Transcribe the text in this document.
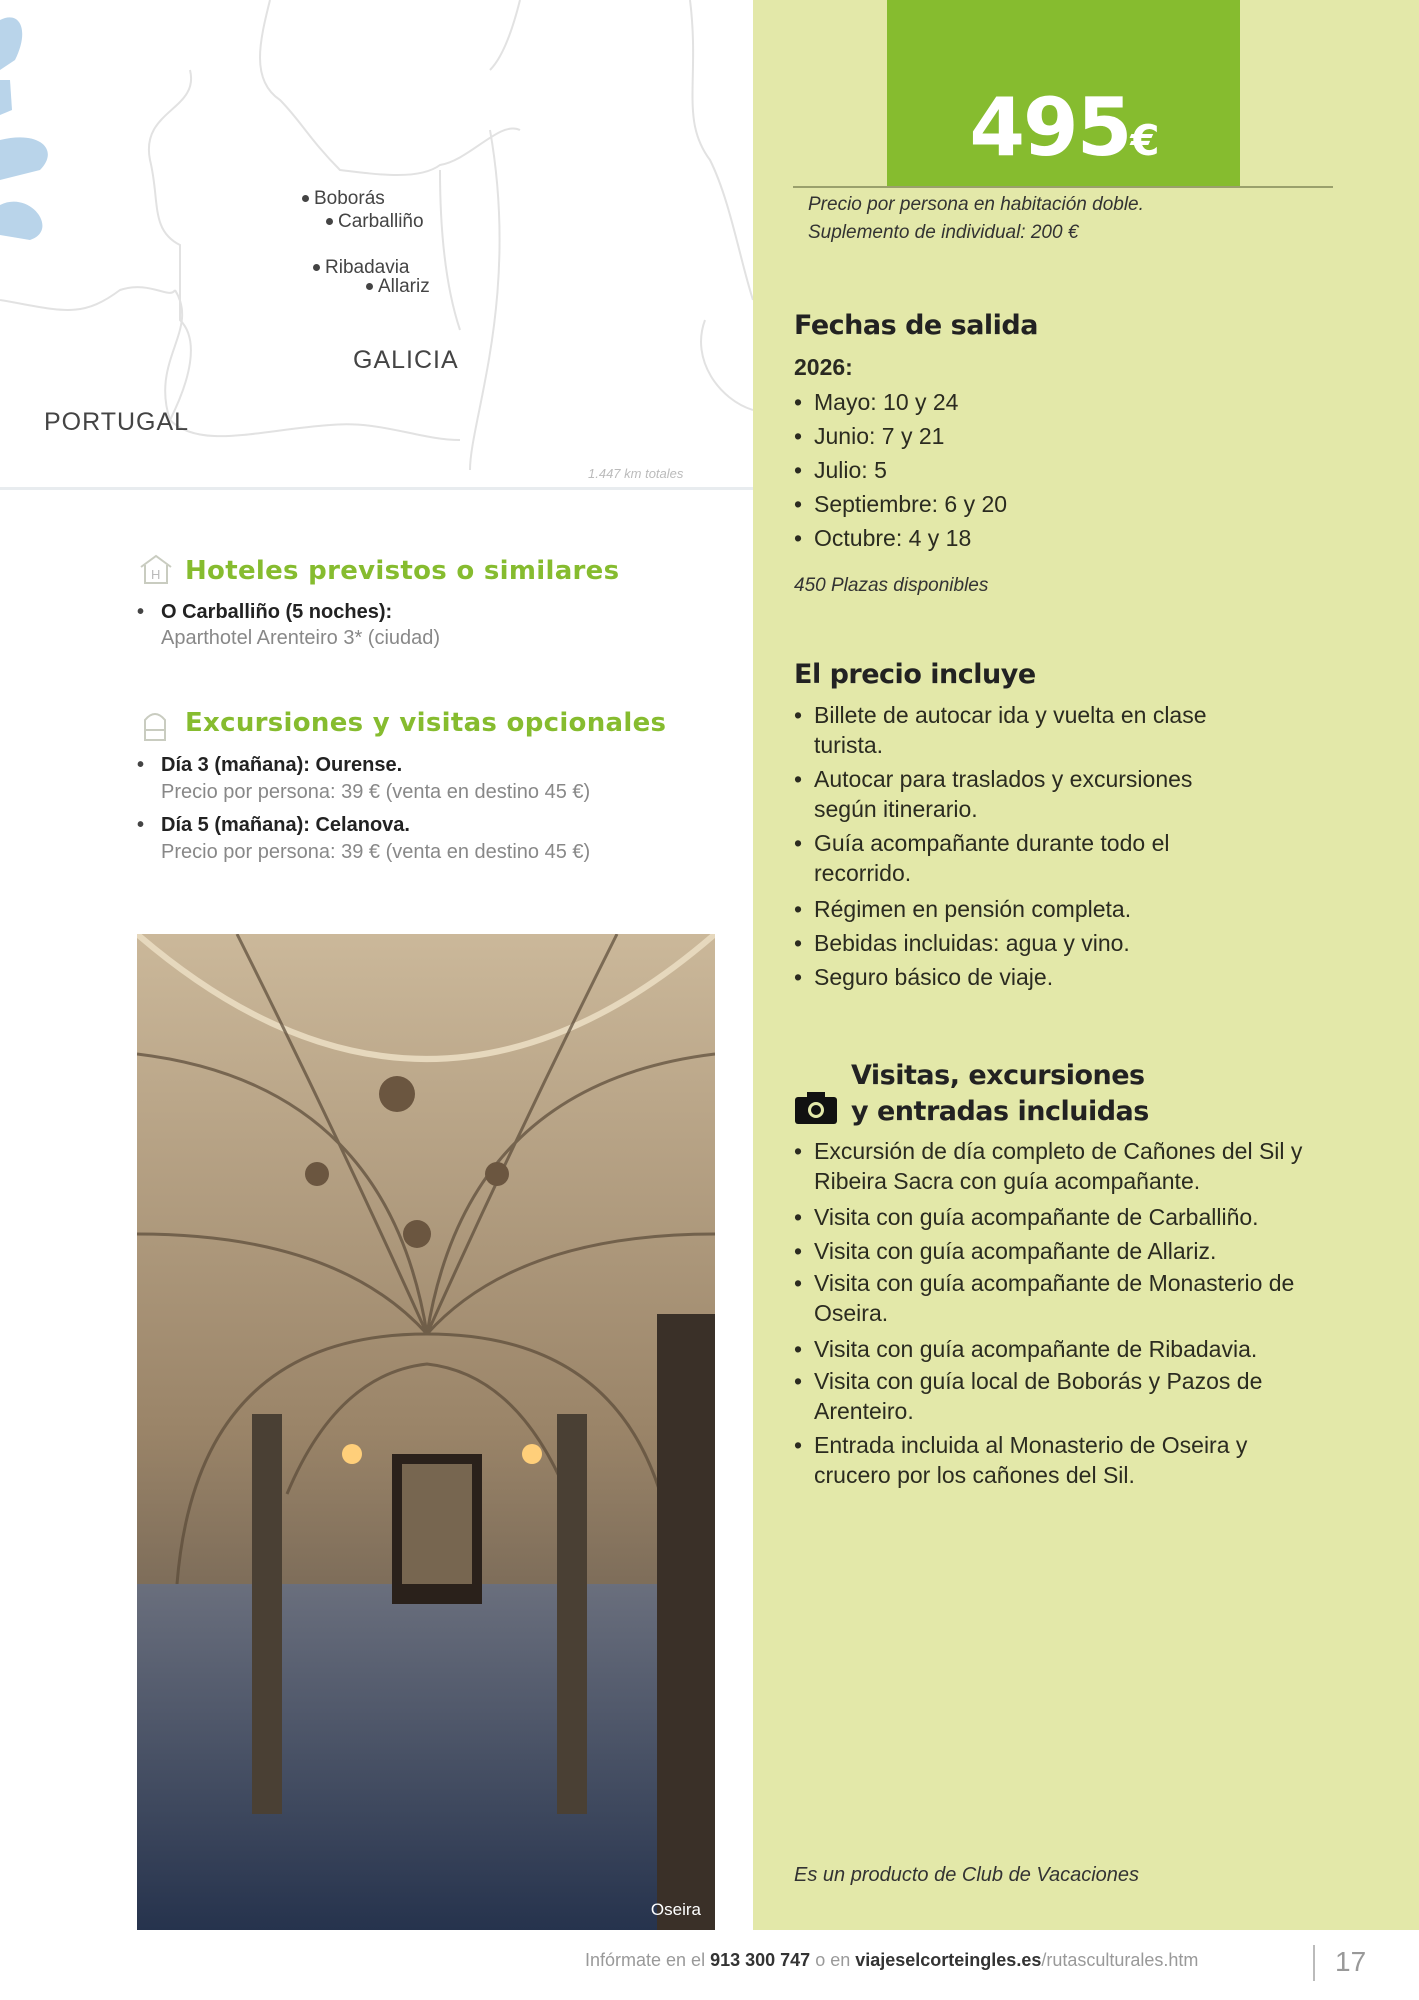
Boborás
Carballiño
Ribadavia
Allariz
GALICIA
PORTUGAL
1.447 km totales
H Hoteles previstos o similares
• O Carballiño (5 noches):
Aparthotel Arenteiro 3* (ciudad)
Excursiones y visitas opcionales
• Día 3 (mañana): Ourense.
Precio por persona: 39 € (venta en destino 45 €)
• Día 5 (mañana): Celanova.
Precio por persona: 39 € (venta en destino 45 €)
Oseira
495€
Precio por persona en habitación doble.
Suplemento de individual: 200 €
Fechas de salida
2026:
• Mayo: 10 y 24
• Junio: 7 y 21
• Julio: 5
• Septiembre: 6 y 20
• Octubre: 4 y 18
450 Plazas disponibles
El precio incluye
• Billete de autocar ida y vuelta en clase turista.
• Autocar para traslados y excursiones según itinerario.
• Guía acompañante durante todo el recorrido.
• Régimen en pensión completa.
• Bebidas incluidas: agua y vino.
• Seguro básico de viaje.
Visitas, excursiones
y entradas incluidas
• Excursión de día completo de Cañones del Sil y Ribeira Sacra con guía acompañante.
• Visita con guía acompañante de Carballiño.
• Visita con guía acompañante de Allariz.
• Visita con guía acompañante de Monasterio de Oseira.
• Visita con guía acompañante de Ribadavia.
• Visita con guía local de Boborás y Pazos de Arenteiro.
• Entrada incluida al Monasterio de Oseira y crucero por los cañones del Sil.
Es un producto de Club de Vacaciones
Infórmate en el 913 300 747 o en viajeselcorteingles.es/rutasculturales.htm	17
